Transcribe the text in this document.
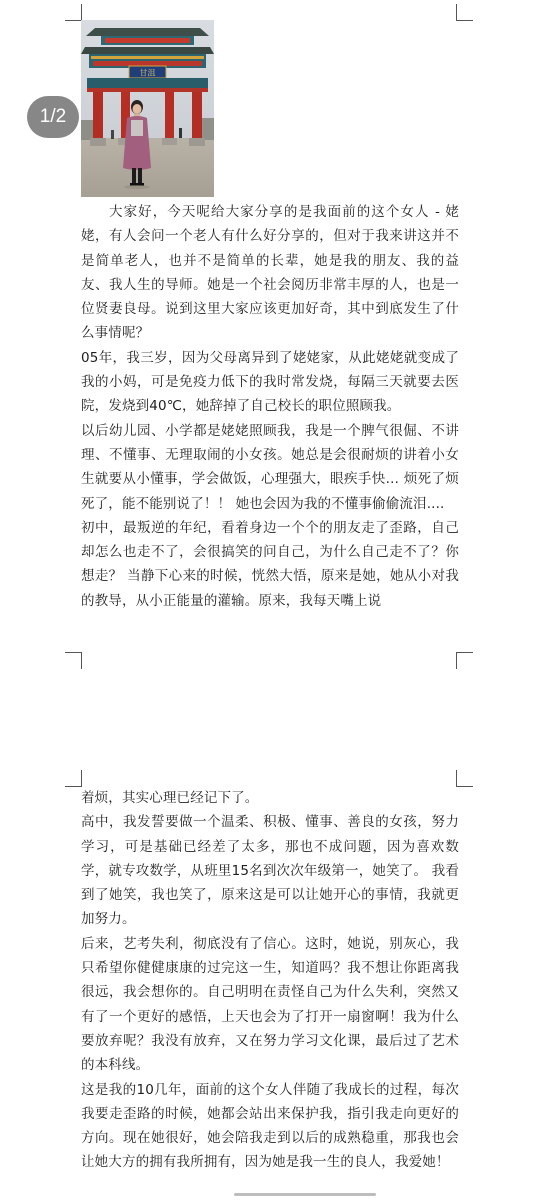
甘沮
1/2

大家好，今天呢给大家分享的是我面前的这个女人 - 姥姥，有人会问一个老人有什么好分享的，但对于我来讲这并不是简单老人，也并不是简单的长辈，她是我的朋友、我的益友、我人生的导师。她是一个社会阅历非常丰厚的人，也是一位贤妻良母。说到这里大家应该更加好奇，其中到底发生了什么事情呢？

05年，我三岁，因为父母离异到了姥姥家，从此姥姥就变成了我的小妈，可是免疫力低下的我时常发烧，每隔三天就要去医院，发烧到40℃，她辞掉了自己校长的职位照顾我。

以后幼儿园、小学都是姥姥照顾我，我是一个脾气很倔、不讲理、不懂事、无理取闹的小女孩。她总是会很耐烦的讲着小女生就要从小懂事，学会做饭，心理强大，眼疾手快… 烦死了烦死了，能不能别说了！！ 她也会因为我的不懂事偷偷流泪....

初中，最叛逆的年纪，看着身边一个个的朋友走了歪路，自己却怎么也走不了，会很搞笑的问自己，为什么自己走不了？你想走？ 当静下心来的时候，恍然大悟，原来是她，她从小对我的教导，从小正能量的灌输。原来，我每天嘴上说

着烦，其实心理已经记下了。

高中，我发誓要做一个温柔、积极、懂事、善良的女孩，努力学习，可是基础已经差了太多，那也不成问题，因为喜欢数学，就专攻数学，从班里15名到次次年级第一，她笑了。 我看到了她笑，我也笑了，原来这是可以让她开心的事情，我就更加努力。

后来，艺考失利，彻底没有了信心。这时，她说，别灰心，我只希望你健健康康的过完这一生，知道吗？我不想让你距离我很远，我会想你的。自己明明在责怪自己为什么失利，突然又有了一个更好的感悟，上天也会为了打开一扇窗啊！我为什么要放弃呢？我没有放弃，又在努力学习文化课，最后过了艺术的本科线。

这是我的10几年，面前的这个女人伴随了我成长的过程，每次我要走歪路的时候，她都会站出来保护我，指引我走向更好的方向。现在她很好，她会陪我走到以后的成熟稳重，那我也会让她大方的拥有我所拥有，因为她是我一生的良人，我爱她！
